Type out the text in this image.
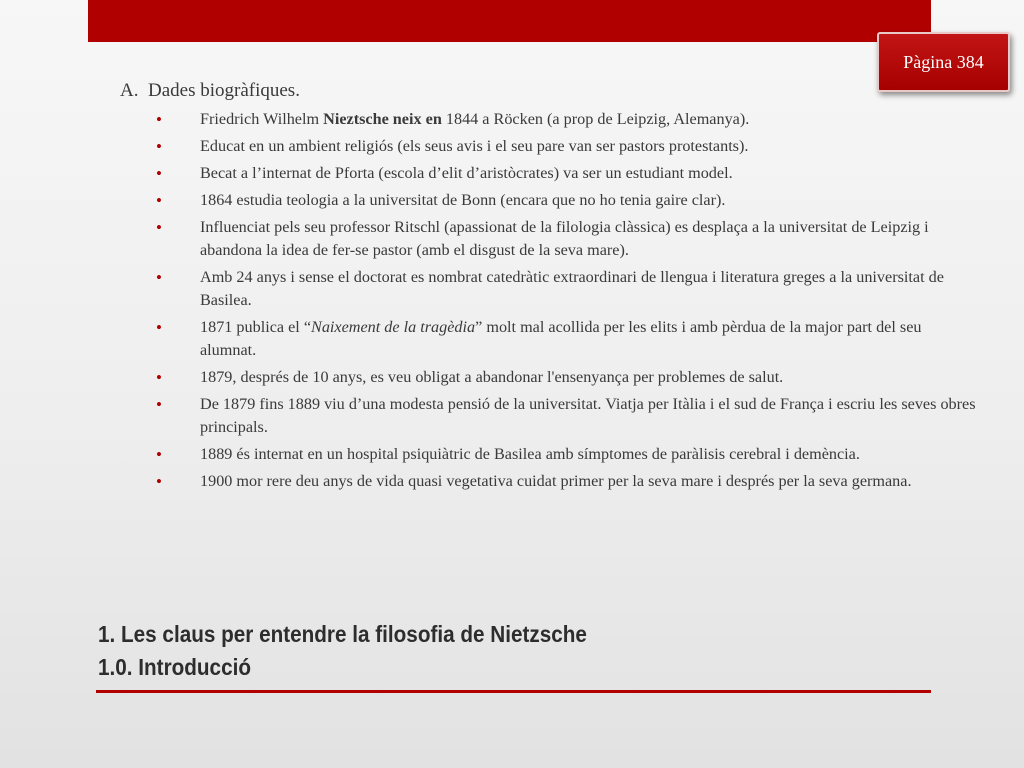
Pàgina 384
A. Dades biogràfiques.
• Friedrich Wilhelm Nieztsche neix en 1844 a Röcken (a prop de Leipzig, Alemanya).
• Educat en un ambient religiós (els seus avis i el seu pare van ser pastors protestants).
• Becat a l’internat de Pforta (escola d’elit d’aristòcrates) va ser un estudiant model.
• 1864 estudia teologia a la universitat de Bonn (encara que no ho tenia gaire clar).
• Influenciat pels seu professor Ritschl (apassionat de la filologia clàssica) es desplaça a la universitat de Leipzig i abandona la idea de fer-se pastor (amb el disgust de la seva mare).
• Amb 24 anys i sense el doctorat es nombrat catedràtic extraordinari de llengua i literatura greges a la universitat de Basilea.
• 1871 publica el “Naixement de la tragèdia” molt mal acollida per les elits i amb pèrdua de la major part del seu alumnat.
• 1879, després de 10 anys, es veu obligat a abandonar l'ensenyança per problemes de salut.
• De 1879 fins 1889 viu d’una modesta pensió de la universitat. Viatja per Itàlia i el sud de França i escriu les seves obres principals.
• 1889 és internat en un hospital psiquiàtric de Basilea amb símptomes de paràlisis cerebral i demència.
• 1900 mor rere deu anys de vida quasi vegetativa cuidat primer per la seva mare i després per la seva germana.
1. Les claus per entendre la filosofia de Nietzsche
1.0. Introducció
